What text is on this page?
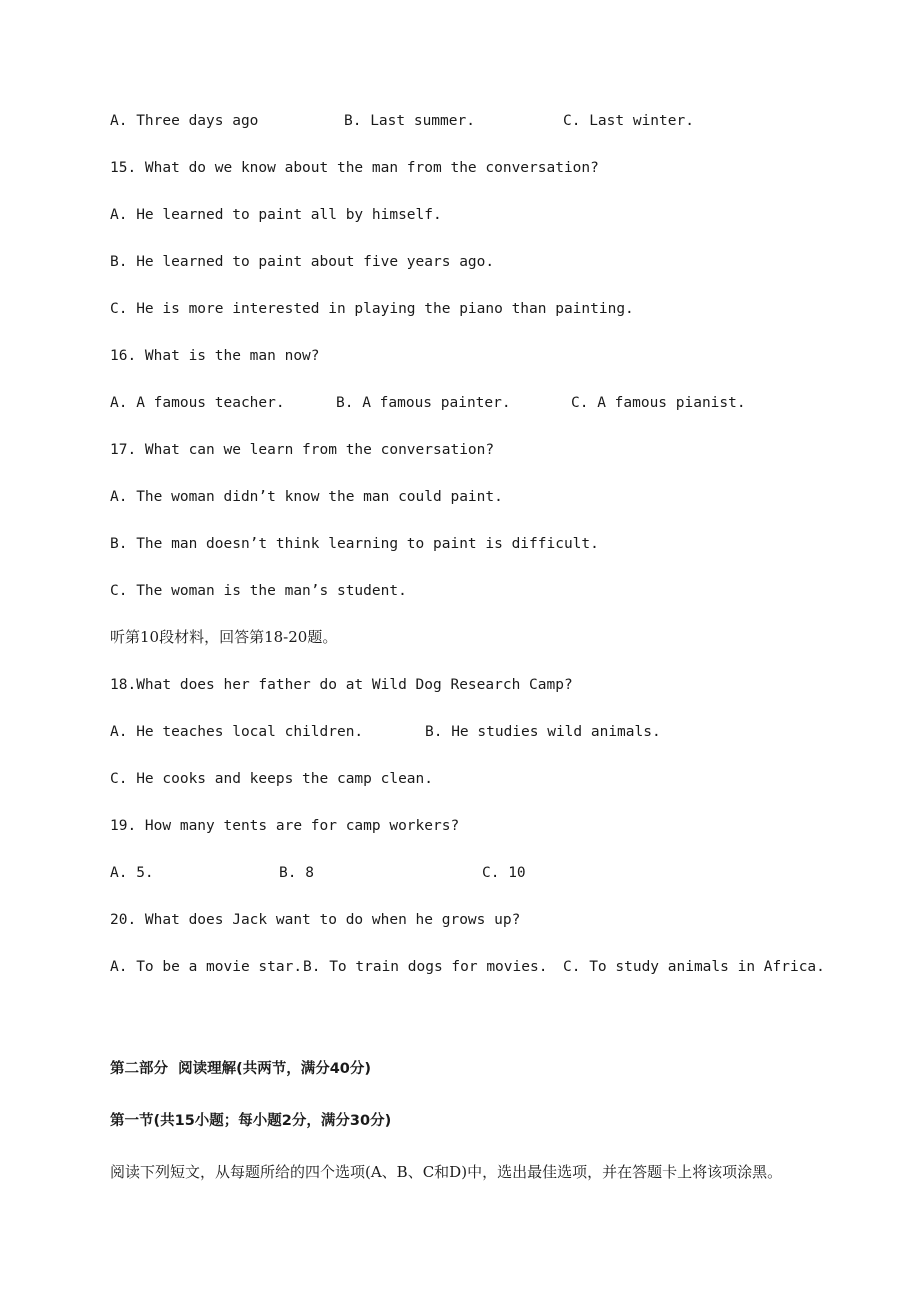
A. Three days ago	B. Last summer.	C. Last winter.
15. What do we know about the man from the conversation?
A. He learned to paint all by himself.
B. He learned to paint about five years ago.
C. He is more interested in playing the piano than painting.
16. What is the man now?
A. A famous teacher.	B. A famous painter.	C. A famous pianist.
17. What can we learn from the conversation?
A. The woman didn’t know the man could paint.
B. The man doesn’t think learning to paint is difficult.
C. The woman is the man’s student.
听第10段材料，回答第18-20题。
18.What does her father do at Wild Dog Research Camp?
A. He teaches local children.	B. He studies wild animals.
C. He cooks and keeps the camp clean.
19. How many tents are for camp workers?
A. 5.	B. 8	C. 10
20. What does Jack want to do when he grows up?
A. To be a movie star. B. To train dogs for movies. C. To study animals in Africa.
第二部分  阅读理解(共两节，满分40分)
第一节(共15小题；每小题2分，满分30分)
阅读下列短文，从每题所给的四个选项(A、B、C和D)中，选出最佳选项，并在答题卡上将该项涂黑。
